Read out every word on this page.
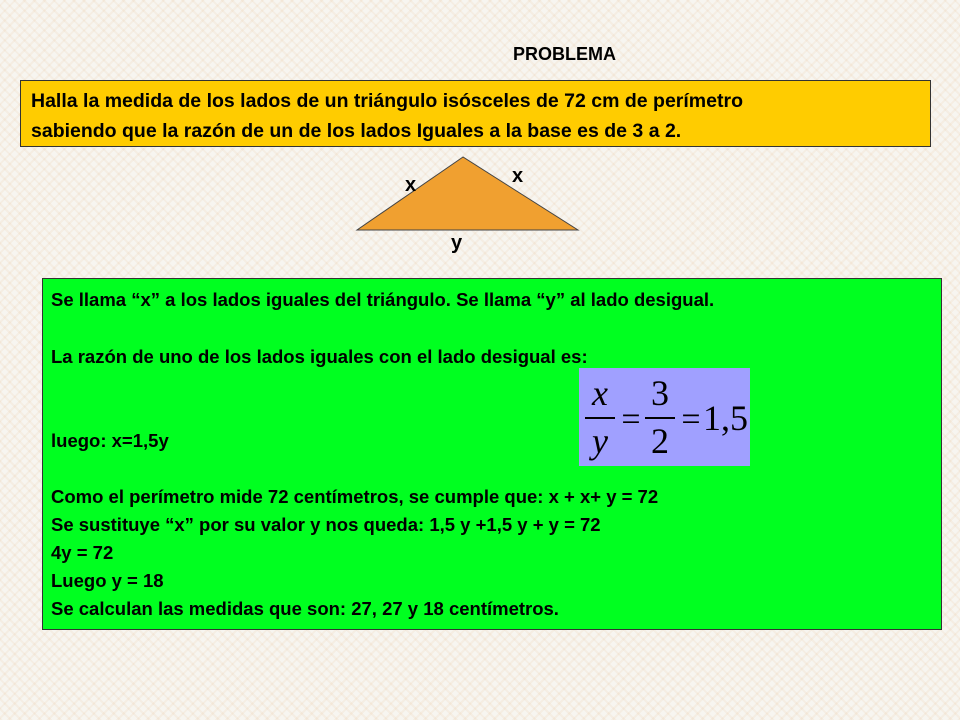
PROBLEMA
Halla la medida de los lados de un triángulo isósceles de 72 cm de perímetro
sabiendo que la razón de un de los lados Iguales a la base es de 3 a 2.
x	x
y
Se llama “x” a los lados iguales del triángulo. Se llama “y” al lado desigual.
La razón de uno de los lados iguales con el lado desigual es:
luego: x=1,5y
Como el perímetro mide 72 centímetros, se cumple que: x + x+ y = 72
Se sustituye “x” por su valor y nos queda: 1,5 y +1,5 y + y = 72
4y = 72
Luego y = 18
Se calculan las medidas que son: 27, 27 y 18 centímetros.
x
y
=
3
2
= 1,5
